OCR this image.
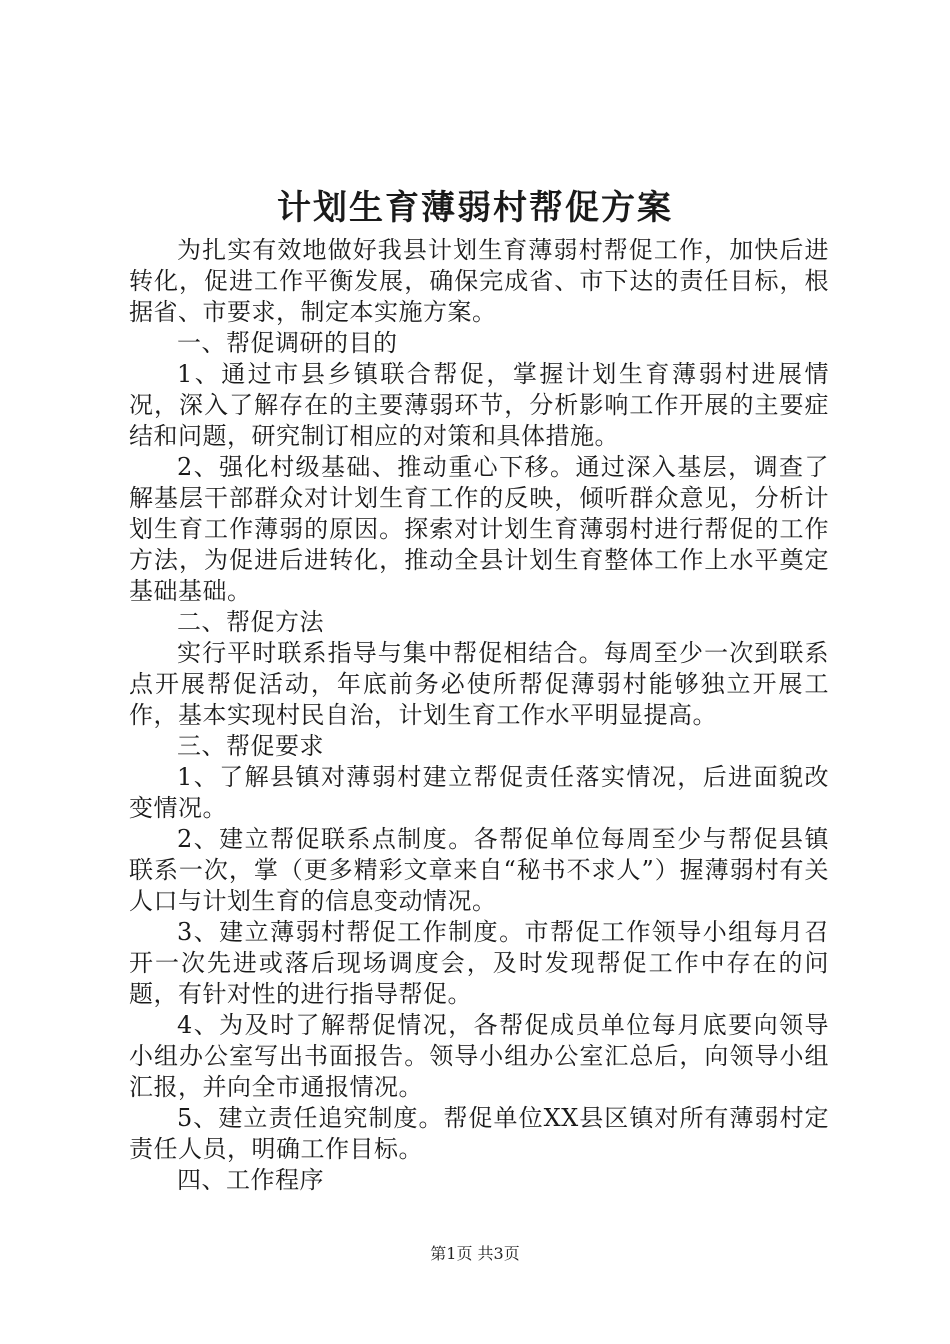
计划生育薄弱村帮促方案

为扎实有效地做好我县计划生育薄弱村帮促工作，加快后进转化，促进工作平衡发展，确保完成省、市下达的责任目标，根据省、市要求，制定本实施方案。

一、帮促调研的目的

1、通过市县乡镇联合帮促，掌握计划生育薄弱村进展情况，深入了解存在的主要薄弱环节，分析影响工作开展的主要症结和问题，研究制订相应的对策和具体措施。

2、强化村级基础、推动重心下移。通过深入基层，调查了解基层干部群众对计划生育工作的反映，倾听群众意见，分析计划生育工作薄弱的原因。探索对计划生育薄弱村进行帮促的工作方法，为促进后进转化，推动全县计划生育整体工作上水平奠定基础基础。

二、帮促方法

实行平时联系指导与集中帮促相结合。每周至少一次到联系点开展帮促活动，年底前务必使所帮促薄弱村能够独立开展工作，基本实现村民自治，计划生育工作水平明显提高。

三、帮促要求

1、了解县镇对薄弱村建立帮促责任落实情况，后进面貌改变情况。

2、建立帮促联系点制度。各帮促单位每周至少与帮促县镇联系一次，掌（更多精彩文章来自“秘书不求人”）握薄弱村有关人口与计划生育的信息变动情况。

3、建立薄弱村帮促工作制度。市帮促工作领导小组每月召开一次先进或落后现场调度会，及时发现帮促工作中存在的问题，有针对性的进行指导帮促。

4、为及时了解帮促情况，各帮促成员单位每月底要向领导小组办公室写出书面报告。领导小组办公室汇总后，向领导小组汇报，并向全市通报情况。

5、建立责任追究制度。帮促单位XX县区镇对所有薄弱村定责任人员，明确工作目标。

四、工作程序

第1页 共3页
